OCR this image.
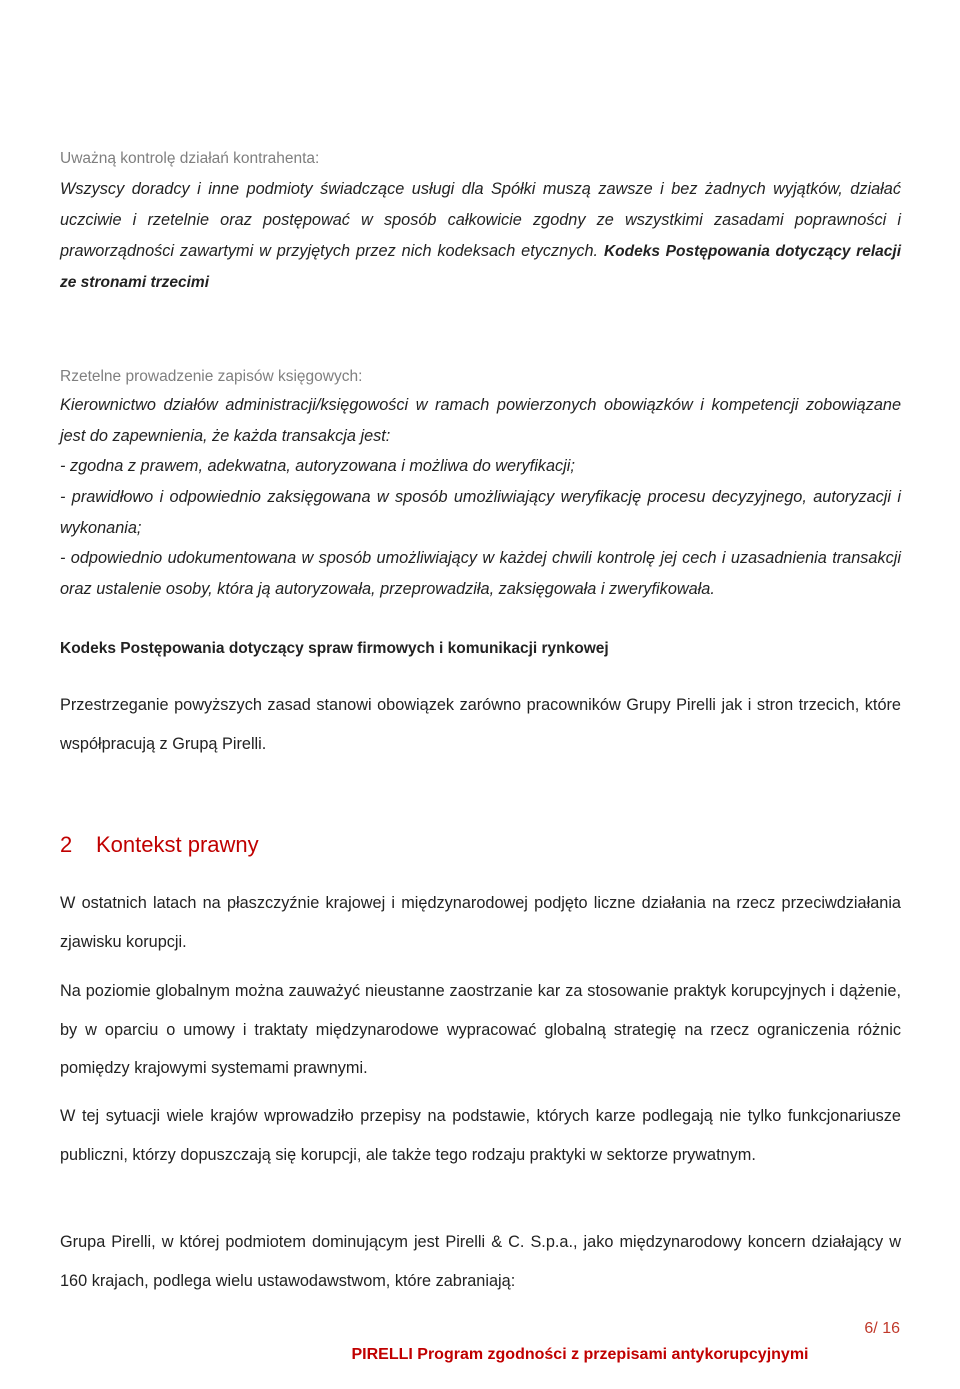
Uważną kontrolę działań kontrahenta:

Wszyscy doradcy i inne podmioty świadczące usługi dla Spółki muszą zawsze i bez żadnych wyjątków, działać uczciwie i rzetelnie oraz postępować w sposób całkowicie zgodny ze wszystkimi zasadami poprawności i praworządności zawartymi w przyjętych przez nich kodeksach etycznych. Kodeks Postępowania dotyczący relacji ze stronami trzecimi

Rzetelne prowadzenie zapisów księgowych:

Kierownictwo działów administracji/księgowości w ramach powierzonych obowiązków i kompetencji zobowiązane jest do zapewnienia, że każda transakcja jest:

- zgodna z prawem, adekwatna, autoryzowana i możliwa do weryfikacji;

- prawidłowo i odpowiednio zaksięgowana w sposób umożliwiający weryfikację procesu decyzyjnego, autoryzacji i wykonania;

- odpowiednio udokumentowana w sposób umożliwiający w każdej chwili kontrolę jej cech i uzasadnienia transakcji oraz ustalenie osoby, która ją autoryzowała, przeprowadziła, zaksięgowała i zweryfikowała.

Kodeks Postępowania dotyczący spraw firmowych i komunikacji rynkowej

Przestrzeganie powyższych zasad stanowi obowiązek zarówno pracowników Grupy Pirelli jak i stron trzecich, które współpracują z Grupą Pirelli.

2 Kontekst prawny

W ostatnich latach na płaszczyźnie krajowej i międzynarodowej podjęto liczne działania na rzecz przeciwdziałania zjawisku korupcji.

Na poziomie globalnym można zauważyć nieustanne zaostrzanie kar za stosowanie praktyk korupcyjnych i dążenie, by w oparciu o umowy i traktaty międzynarodowe wypracować globalną strategię na rzecz ograniczenia różnic pomiędzy krajowymi systemami prawnymi.

W tej sytuacji wiele krajów wprowadziło przepisy na podstawie, których karze podlegają nie tylko funkcjonariusze publiczni, którzy dopuszczają się korupcji, ale także tego rodzaju praktyki w sektorze prywatnym.

Grupa Pirelli, w której podmiotem dominującym jest Pirelli & C. S.p.a., jako międzynarodowy koncern działający w 160 krajach, podlega wielu ustawodawstwom, które zabraniają:

6/ 16
PIRELLI Program zgodności z przepisami antykorupcyjnymi
